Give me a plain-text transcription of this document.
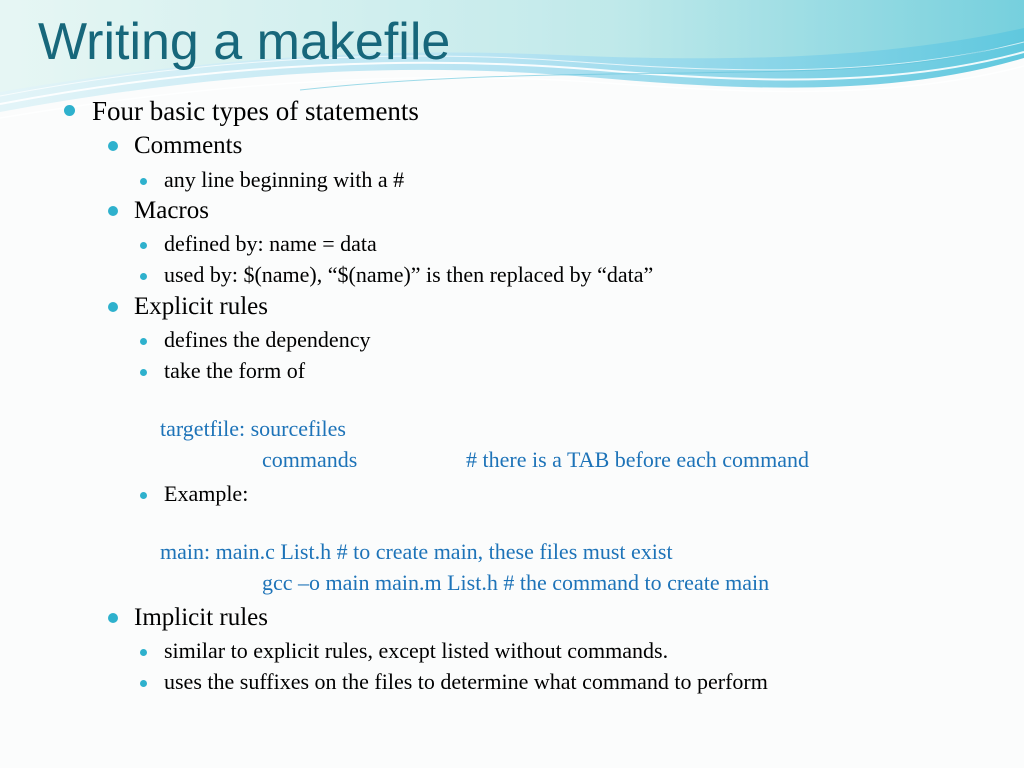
Writing a makefile
Four basic types of statements
Comments
any line beginning with a #
Macros
defined by: name = data
used by: $(name), “$(name)” is then replaced by “data”
Explicit rules
defines the dependency
take the form of
targetfile: sourcefiles
commands	# there is a TAB before each command
Example:
main: main.c List.h # to create main, these files must exist
gcc –o main main.m List.h # the command to create main
Implicit rules
similar to explicit rules, except listed without commands.
uses the suffixes on the files to determine what command to perform
